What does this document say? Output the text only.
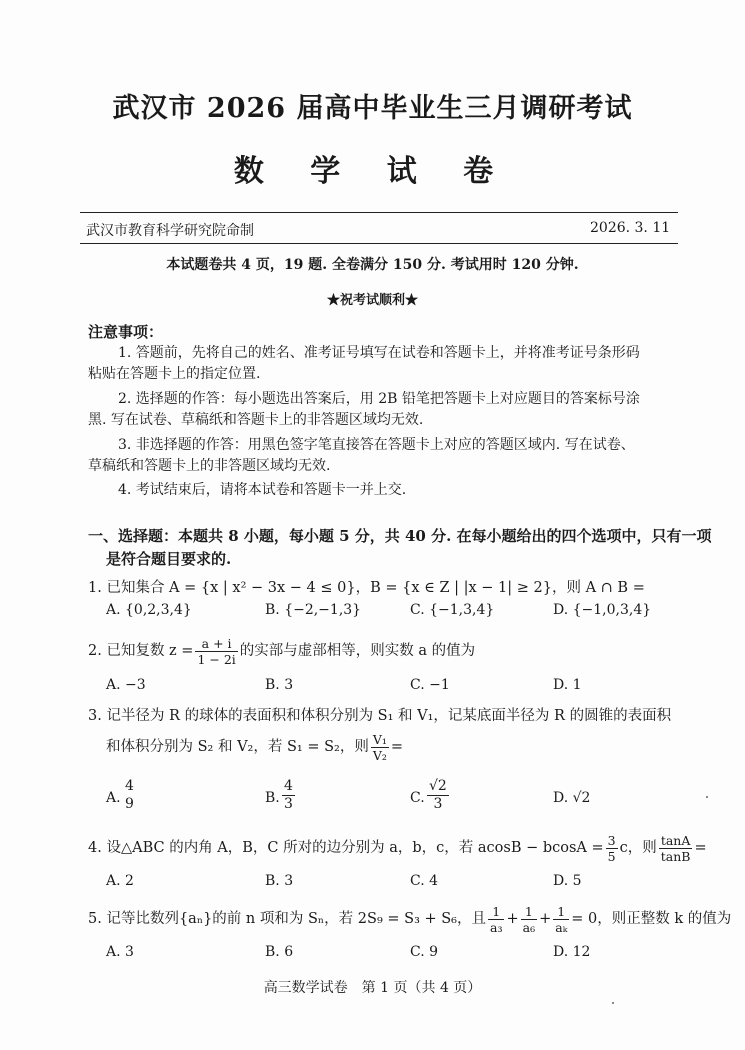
武汉市 2026 届高中毕业生三月调研考试
数 学 试 卷
武汉市教育科学研究院命制	2026. 3. 11
本试题卷共 4 页，19 题. 全卷满分 150 分. 考试用时 120 分钟.
★祝考试顺利★
注意事项：
1. 答题前，先将自己的姓名、准考证号填写在试卷和答题卡上，并将准考证号条形码
粘贴在答题卡上的指定位置.
2. 选择题的作答：每小题选出答案后，用 2B 铅笔把答题卡上对应题目的答案标号涂
黑. 写在试卷、草稿纸和答题卡上的非答题区域均无效.
3. 非选择题的作答：用黑色签字笔直接答在答题卡上对应的答题区域内. 写在试卷、
草稿纸和答题卡上的非答题区域均无效.
4. 考试结束后，请将本试卷和答题卡一并上交.
一、选择题：本题共 8 小题，每小题 5 分，共 40 分. 在每小题给出的四个选项中，只有一项
是符合题目要求的.
1. 已知集合 A = {x | x² − 3x − 4 ≤ 0}，B = {x ∈ Z | |x − 1| ≥ 2}，则 A ∩ B =
A. {0,2,3,4}	B. {−2,−1,3}	C. {−1,3,4}	D. {−1,0,3,4}
2. 已知复数 $z = \frac{a + i}{1 - 2i}$ 的实部与虚部相等，则实数 a 的值为
A. −3	B. 3	C. −1	D. 1
3. 记半径为 R 的球体的表面积和体积分别为 S₁ 和 V₁，记某底面半径为 R 的圆锥的表面积
和体积分别为 S₂ 和 V₂，若 S₁ = S₂，则 $\frac{\text{V₁}}{\text{V₂}}$ =
A.
4
9	B. $\frac{4}{3}$	C. $\frac{√2}{3}$	D. √2
4. 设△ABC 的内角 A，B，C 所对的边分别为 a，b，c，若 $acosB - bcosA = \frac{3}{5}$ c，则 $\frac{\tan A}{\tan B}$ =
A. 2	B. 3	C. 4	D. 5
5. 记等比数列{aₙ}的前 n 项和为 Sₙ，若 2S₉ = S₃ + S₆，且 $\frac{1}{\text{a₃}} + \frac{1}{\text{a₆}} + \frac{1}{\text{aₖ}} = 0$，则正整数 k 的值为
A. 3	B. 6	C. 9	D. 12
高三数学试卷　第 1 页（共 4 页）
